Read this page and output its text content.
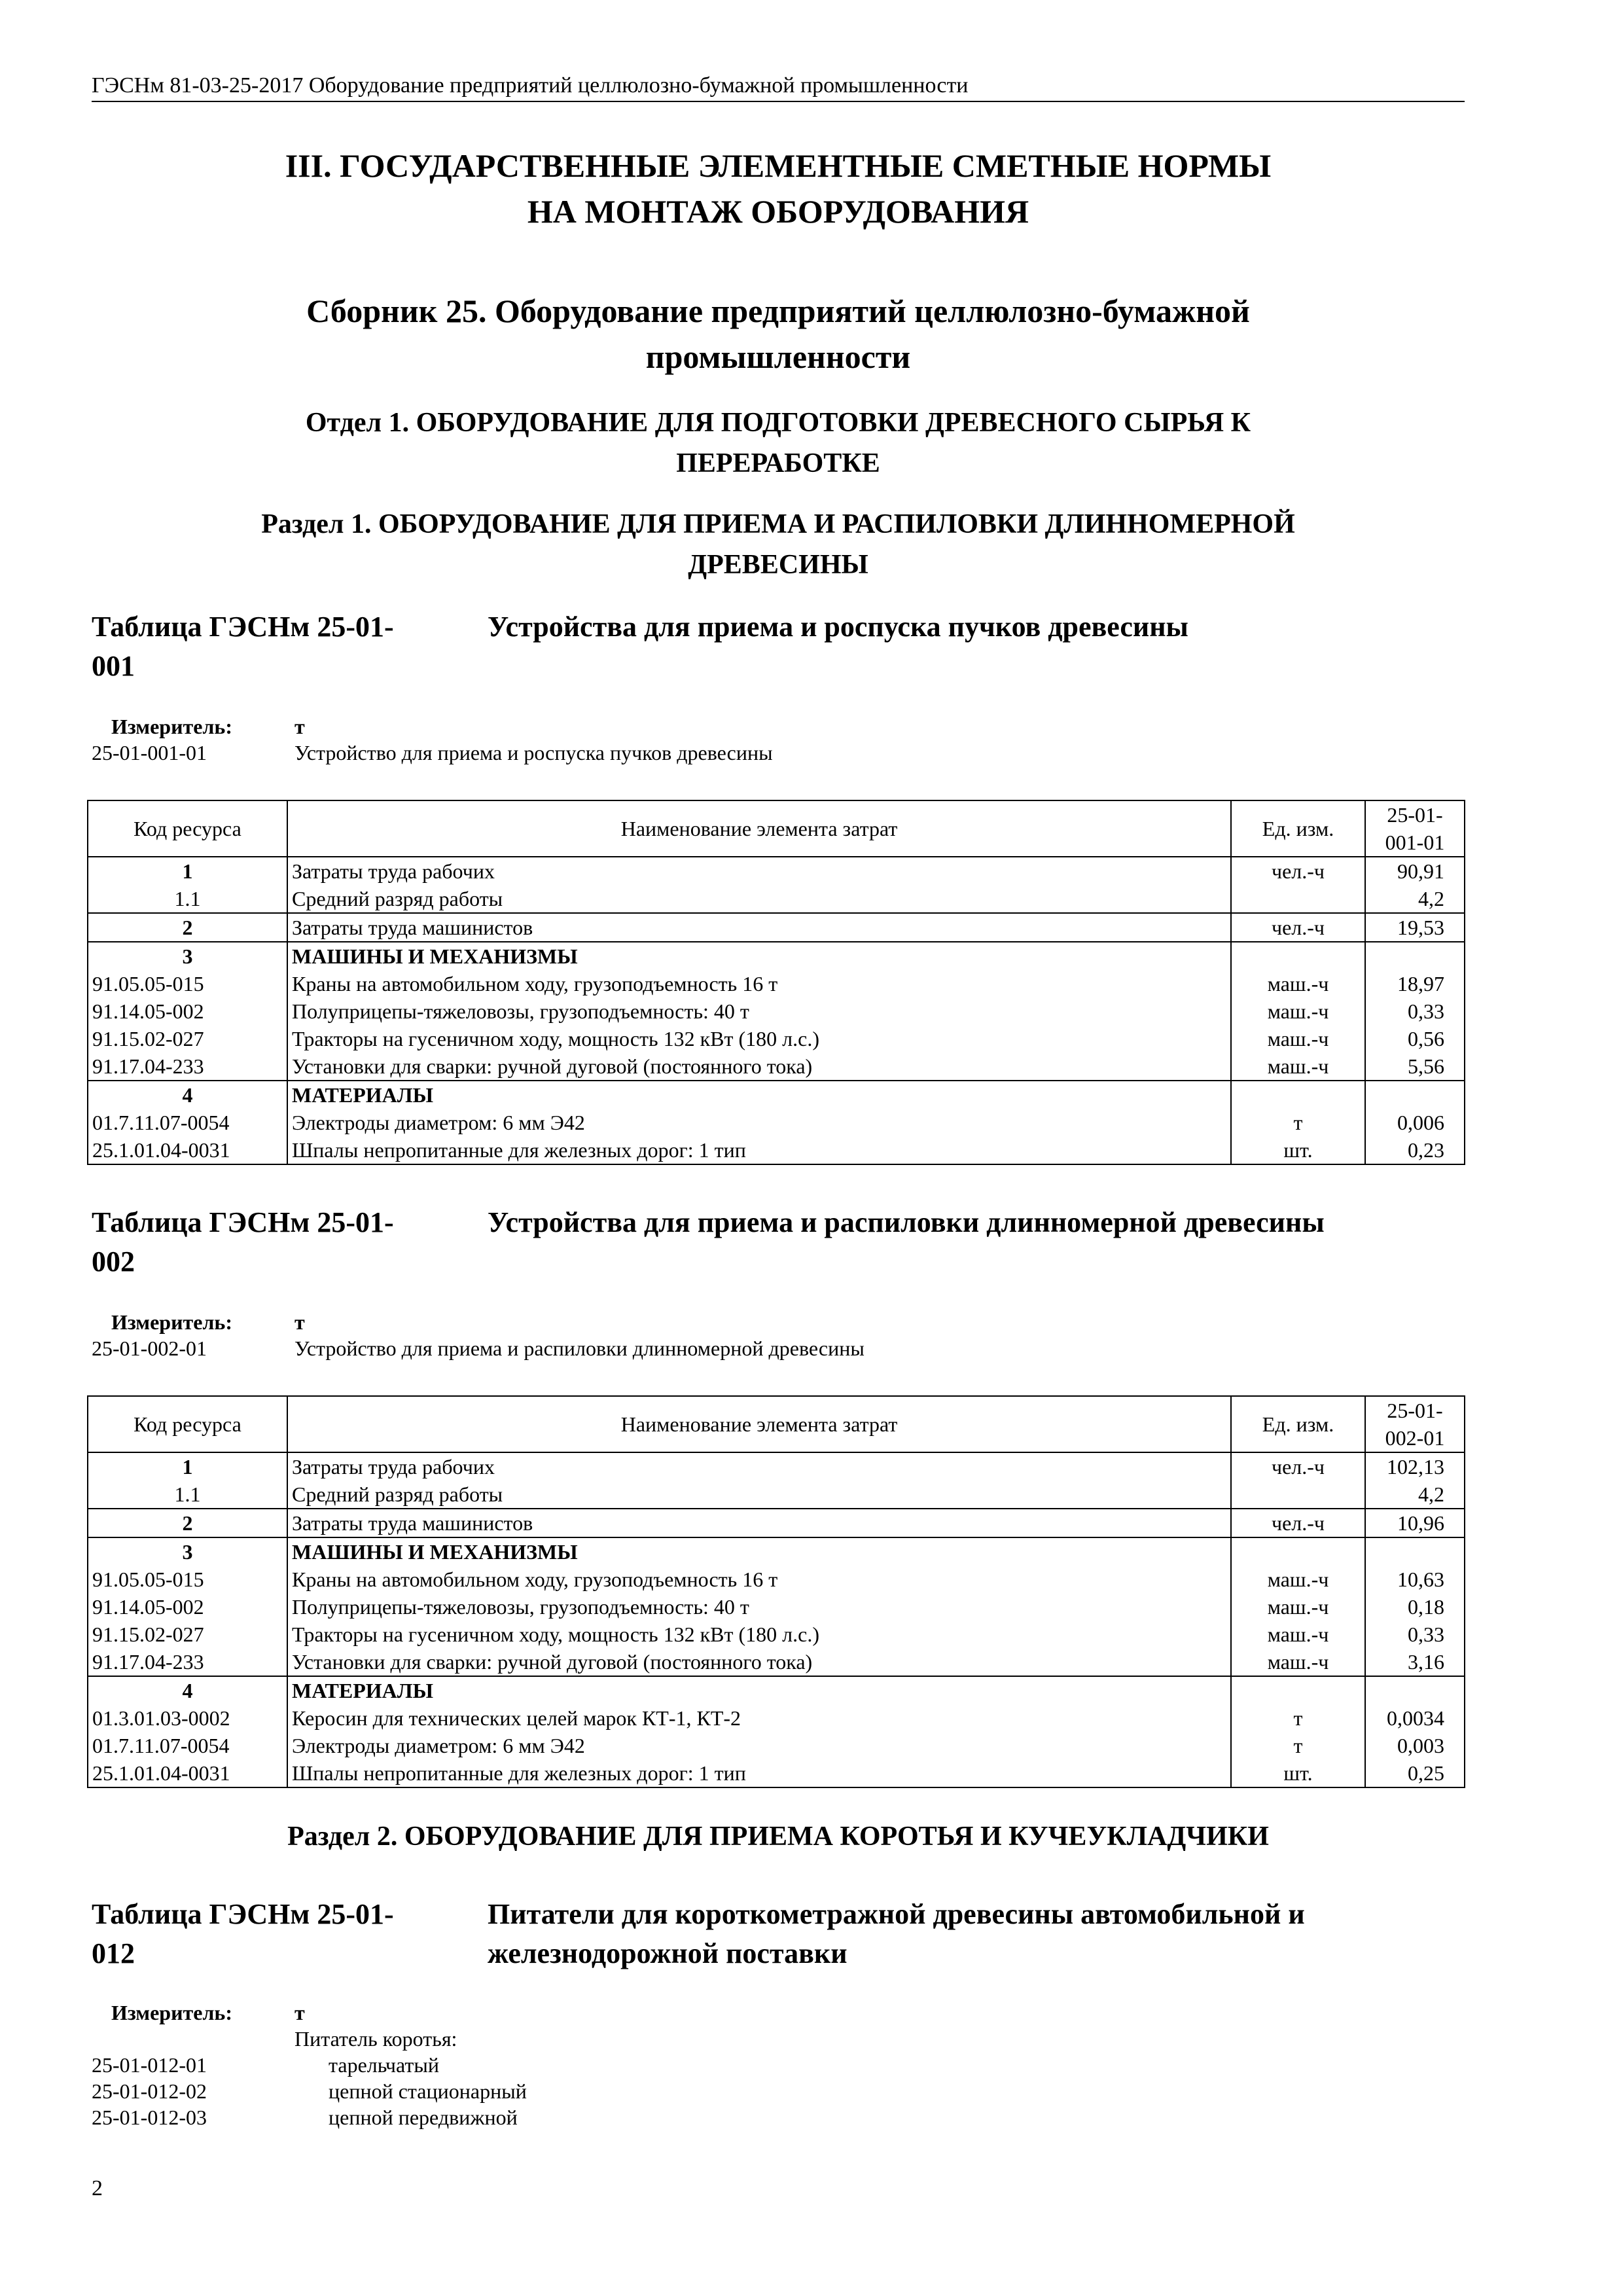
ГЭСНм 81-03-25-2017 Оборудование предприятий целлюлозно-бумажной промышленности
III. ГОСУДАРСТВЕННЫЕ ЭЛЕМЕНТНЫЕ СМЕТНЫЕ НОРМЫ
НА МОНТАЖ ОБОРУДОВАНИЯ
Сборник 25. Оборудование предприятий целлюлозно-бумажной
промышленности
Отдел 1. ОБОРУДОВАНИЕ ДЛЯ ПОДГОТОВКИ ДРЕВЕСНОГО СЫРЬЯ К
ПЕРЕРАБОТКЕ
Раздел 1. ОБОРУДОВАНИЕ ДЛЯ ПРИЕМА И РАСПИЛОВКИ ДЛИННОМЕРНОЙ
ДРЕВЕСИНЫ
Таблица ГЭСНм 25-01-
001
Устройства для приема и роспуска пучков древесины
Измеритель:	т
25-01-001-01	Устройство для приема и роспуска пучков древесины
Код ресурса	Наименование элемента затрат	Ед. изм.	25-01-
001-01
1	Затраты труда рабочих	чел.-ч	90,91
1.1	Средний разряд работы		4,2
2	Затраты труда машинистов	чел.-ч	19,53
3	МАШИНЫ И МЕХАНИЗМЫ		
91.05.05-015	Краны на автомобильном ходу, грузоподъемность 16 т	маш.-ч	18,97
91.14.05-002	Полуприцепы-тяжеловозы, грузоподъемность: 40 т	маш.-ч	0,33
91.15.02-027	Тракторы на гусеничном ходу, мощность 132 кВт (180 л.с.)	маш.-ч	0,56
91.17.04-233	Установки для сварки: ручной дуговой (постоянного тока)	маш.-ч	5,56
4	МАТЕРИАЛЫ		
01.7.11.07-0054	Электроды диаметром: 6 мм Э42	т	0,006
25.1.01.04-0031	Шпалы непропитанные для железных дорог: 1 тип	шт.	0,23
Таблица ГЭСНм 25-01-
002
Устройства для приема и распиловки длинномерной древесины
Измеритель:	т
25-01-002-01	Устройство для приема и распиловки длинномерной древесины
Код ресурса	Наименование элемента затрат	Ед. изм.	25-01-
002-01
1	Затраты труда рабочих	чел.-ч	102,13
1.1	Средний разряд работы		4,2
2	Затраты труда машинистов	чел.-ч	10,96
3	МАШИНЫ И МЕХАНИЗМЫ		
91.05.05-015	Краны на автомобильном ходу, грузоподъемность 16 т	маш.-ч	10,63
91.14.05-002	Полуприцепы-тяжеловозы, грузоподъемность: 40 т	маш.-ч	0,18
91.15.02-027	Тракторы на гусеничном ходу, мощность 132 кВт (180 л.с.)	маш.-ч	0,33
91.17.04-233	Установки для сварки: ручной дуговой (постоянного тока)	маш.-ч	3,16
4	МАТЕРИАЛЫ		
01.3.01.03-0002	Керосин для технических целей марок КТ-1, КТ-2	т	0,0034
01.7.11.07-0054	Электроды диаметром: 6 мм Э42	т	0,003
25.1.01.04-0031	Шпалы непропитанные для железных дорог: 1 тип	шт.	0,25
Раздел 2. ОБОРУДОВАНИЕ ДЛЯ ПРИЕМА КОРОТЬЯ И КУЧЕУКЛАДЧИКИ
Таблица ГЭСНм 25-01-
012
Питатели для короткометражной древесины автомобильной и
железнодорожной поставки
Измеритель:	т
Питатель коротья:
25-01-012-01	тарельчатый
25-01-012-02	цепной стационарный
25-01-012-03	цепной передвижной
2
